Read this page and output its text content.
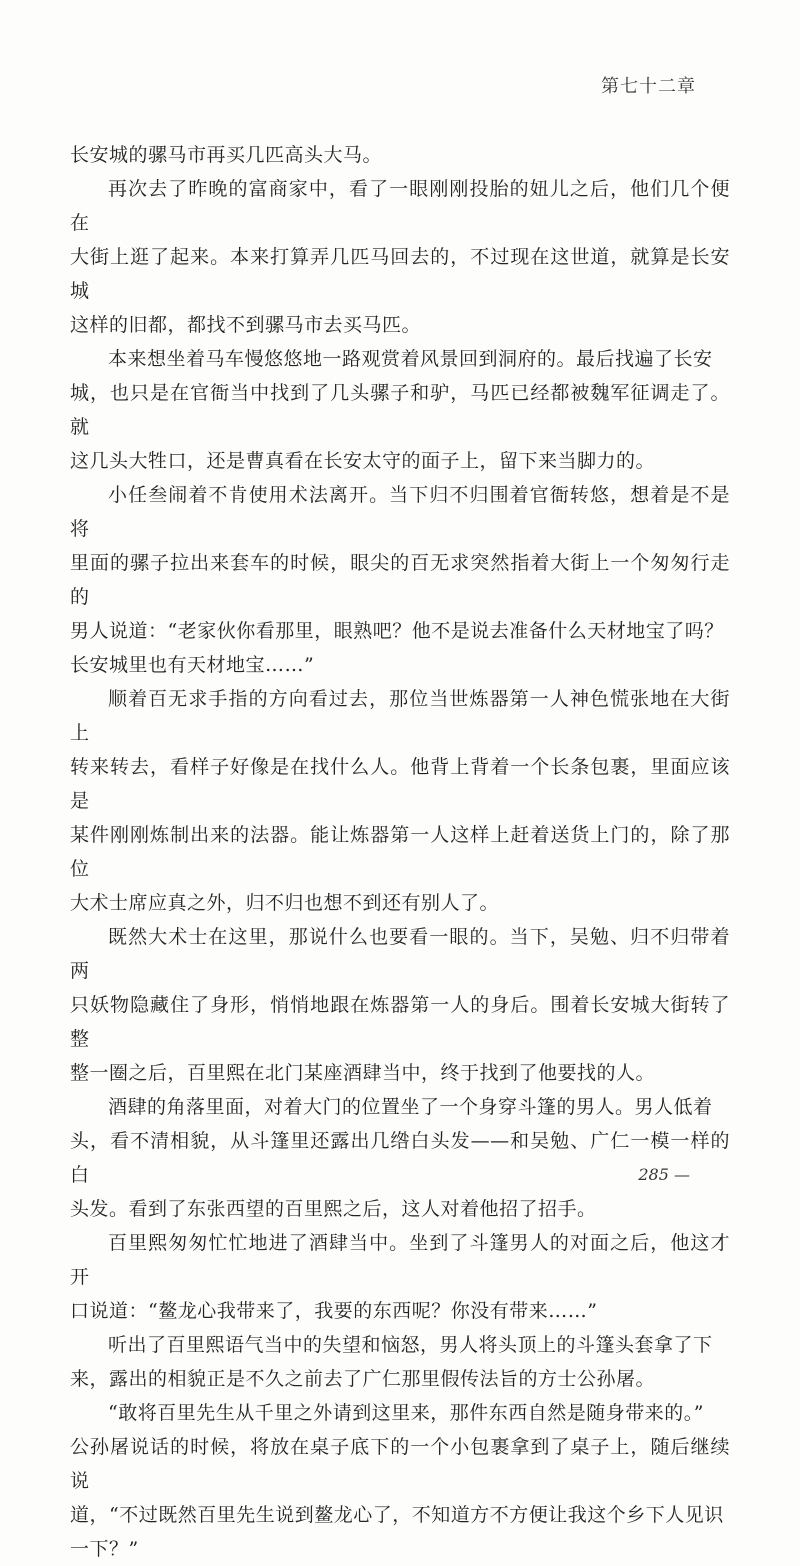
第七十二章

长安城的骡马市再买几匹高头大马。

再次去了昨晚的富商家中，看了一眼刚刚投胎的妞儿之后，他们几个便在
大街上逛了起来。本来打算弄几匹马回去的，不过现在这世道，就算是长安城
这样的旧都，都找不到骡马市去买马匹。

本来想坐着马车慢悠悠地一路观赏着风景回到洞府的。最后找遍了长安
城，也只是在官衙当中找到了几头骡子和驴，马匹已经都被魏军征调走了。就
这几头大牲口，还是曹真看在长安太守的面子上，留下来当脚力的。

小任叁闹着不肯使用术法离开。当下归不归围着官衙转悠，想着是不是将
里面的骡子拉出来套车的时候，眼尖的百无求突然指着大街上一个匆匆行走的
男人说道：“老家伙你看那里，眼熟吧？他不是说去准备什么天材地宝了吗？
长安城里也有天材地宝……”

顺着百无求手指的方向看过去，那位当世炼器第一人神色慌张地在大街上
转来转去，看样子好像是在找什么人。他背上背着一个长条包裹，里面应该是
某件刚刚炼制出来的法器。能让炼器第一人这样上赶着送货上门的，除了那位
大术士席应真之外，归不归也想不到还有别人了。

既然大术士在这里，那说什么也要看一眼的。当下，吴勉、归不归带着两
只妖物隐藏住了身形，悄悄地跟在炼器第一人的身后。围着长安城大街转了整
整一圈之后，百里熙在北门某座酒肆当中，终于找到了他要找的人。

酒肆的角落里面，对着大门的位置坐了一个身穿斗篷的男人。男人低着
头，看不清相貌，从斗篷里还露出几绺白头发——和吴勉、广仁一模一样的白
头发。看到了东张西望的百里熙之后，这人对着他招了招手。

百里熙匆匆忙忙地进了酒肆当中。坐到了斗篷男人的对面之后，他这才开
口说道：“鳌龙心我带来了，我要的东西呢？你没有带来……”

听出了百里熙语气当中的失望和恼怒，男人将头顶上的斗篷头套拿了下
来，露出的相貌正是不久之前去了广仁那里假传法旨的方士公孙屠。

“敢将百里先生从千里之外请到这里来，那件东西自然是随身带来的。”
公孙屠说话的时候，将放在桌子底下的一个小包裹拿到了桌子上，随后继续说
道，“不过既然百里先生说到鳌龙心了，不知道方不方便让我这个乡下人见识
一下？”

285 —
